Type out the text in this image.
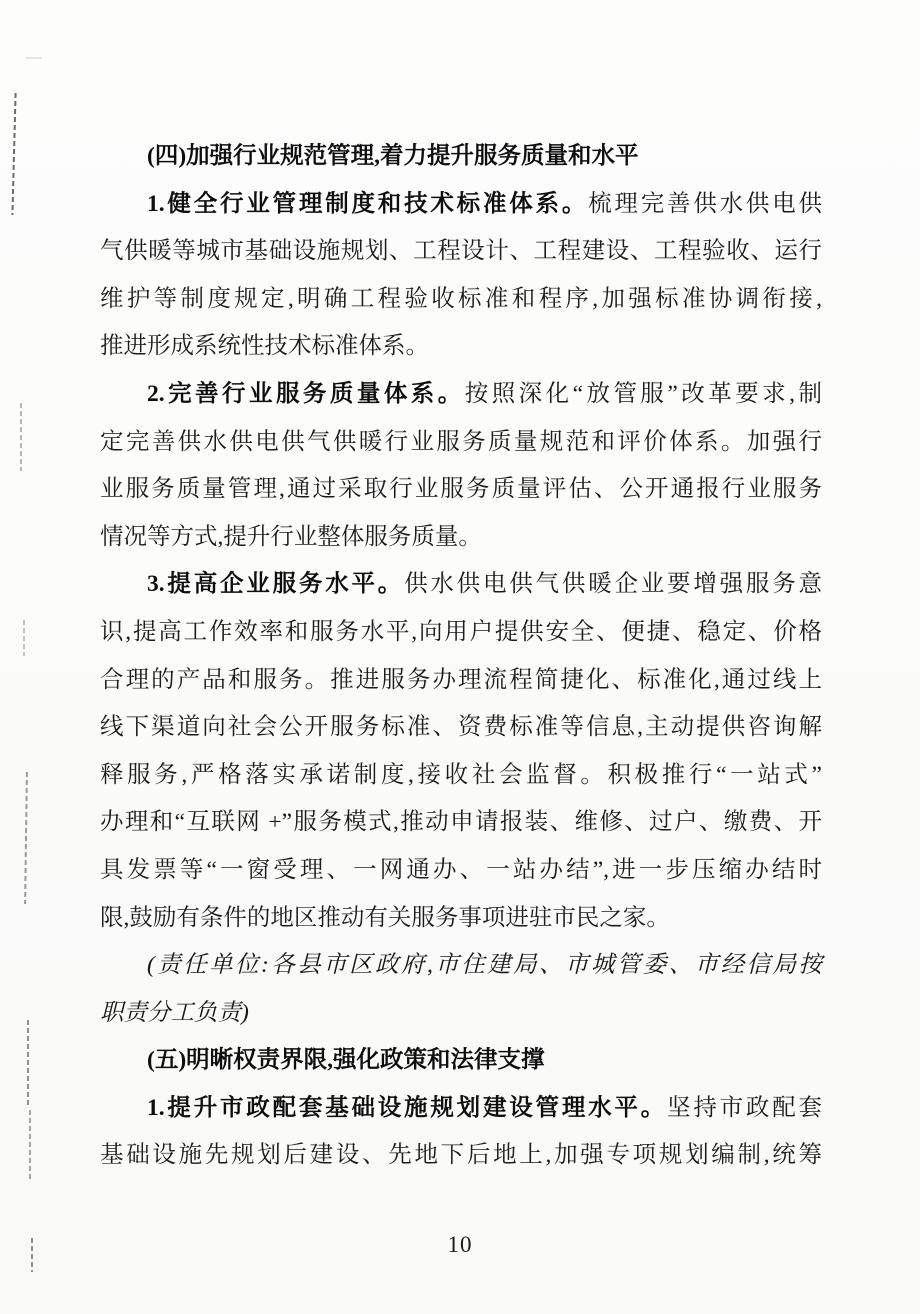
(四)加强行业规范管理,着力提升服务质量和水平
1.健全行业管理制度和技术标准体系。梳理完善供水供电供
气供暖等城市基础设施规划、工程设计、工程建设、工程验收、运行
维护等制度规定,明确工程验收标准和程序,加强标准协调衔接,
推进形成系统性技术标准体系。
2.完善行业服务质量体系。按照深化“放管服”改革要求,制
定完善供水供电供气供暖行业服务质量规范和评价体系。加强行
业服务质量管理,通过采取行业服务质量评估、公开通报行业服务
情况等方式,提升行业整体服务质量。
3.提高企业服务水平。供水供电供气供暖企业要增强服务意
识,提高工作效率和服务水平,向用户提供安全、便捷、稳定、价格
合理的产品和服务。推进服务办理流程简捷化、标准化,通过线上
线下渠道向社会公开服务标准、资费标准等信息,主动提供咨询解
释服务,严格落实承诺制度,接收社会监督。积极推行“一站式”
办理和“互联网 +”服务模式,推动申请报装、维修、过户、缴费、开
具发票等“一窗受理、一网通办、一站办结”,进一步压缩办结时
限,鼓励有条件的地区推动有关服务事项进驻市民之家。
(责任单位:各县市区政府,市住建局、市城管委、市经信局按
职责分工负责)
(五)明晰权责界限,强化政策和法律支撑
1.提升市政配套基础设施规划建设管理水平。坚持市政配套
基础设施先规划后建设、先地下后地上,加强专项规划编制,统筹
10
